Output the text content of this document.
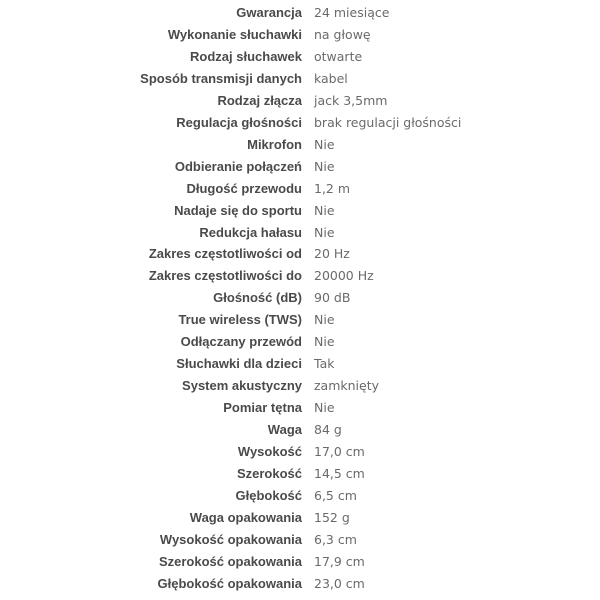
Gwarancja	24 miesiące
Wykonanie słuchawki	na głowę
Rodzaj słuchawek	otwarte
Sposób transmisji danych	kabel
Rodzaj złącza	jack 3,5mm
Regulacja głośności	brak regulacji głośności
Mikrofon	Nie
Odbieranie połączeń	Nie
Długość przewodu	1,2 m
Nadaje się do sportu	Nie
Redukcja hałasu	Nie
Zakres częstotliwości od	20 Hz
Zakres częstotliwości do	20000 Hz
Głośność (dB)	90 dB
True wireless (TWS)	Nie
Odłączany przewód	Nie
Słuchawki dla dzieci	Tak
System akustyczny	zamknięty
Pomiar tętna	Nie
Waga	84 g
Wysokość	17,0 cm
Szerokość	14,5 cm
Głębokość	6,5 cm
Waga opakowania	152 g
Wysokość opakowania	6,3 cm
Szerokość opakowania	17,9 cm
Głębokość opakowania	23,0 cm
